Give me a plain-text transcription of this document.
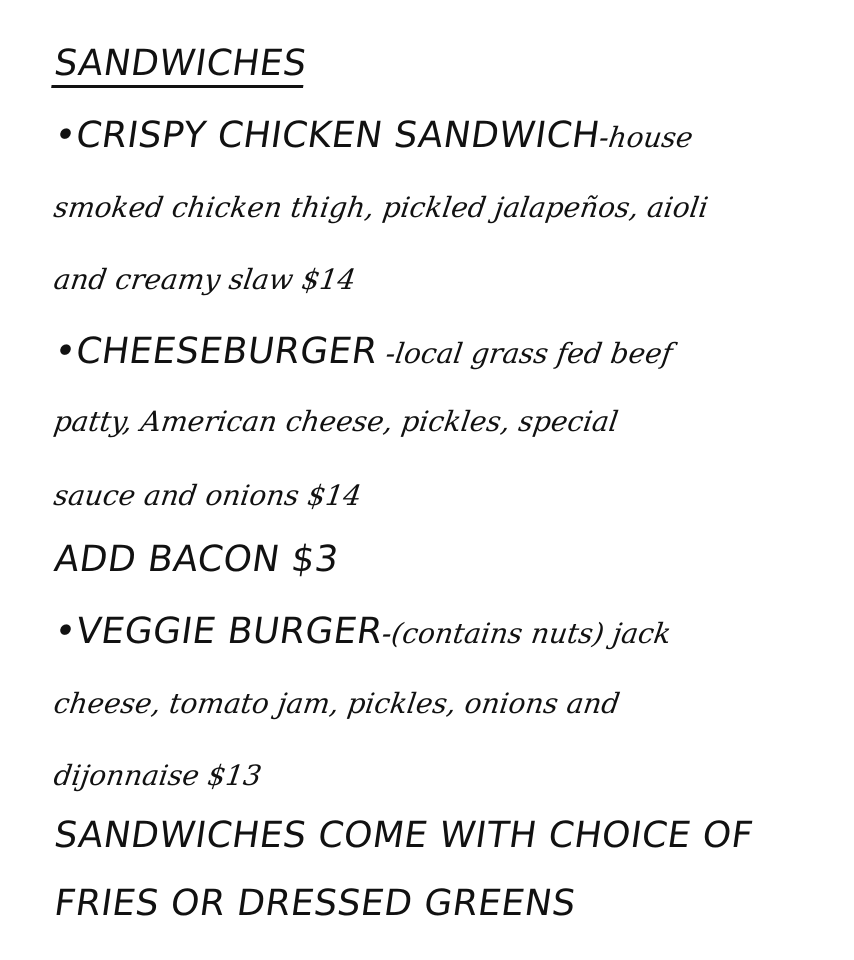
SANDWICHES
•CRISPY CHICKEN SANDWICH-house
smoked chicken thigh, pickled jalapeños, aioli
and creamy slaw $14
•CHEESEBURGER -local grass fed beef
patty, American cheese, pickles, special
sauce and onions $14
ADD BACON $3
•VEGGIE BURGER-(contains nuts) jack
cheese, tomato jam, pickles, onions and
dijonnaise $13
SANDWICHES COME WITH CHOICE OF
FRIES OR DRESSED GREENS
